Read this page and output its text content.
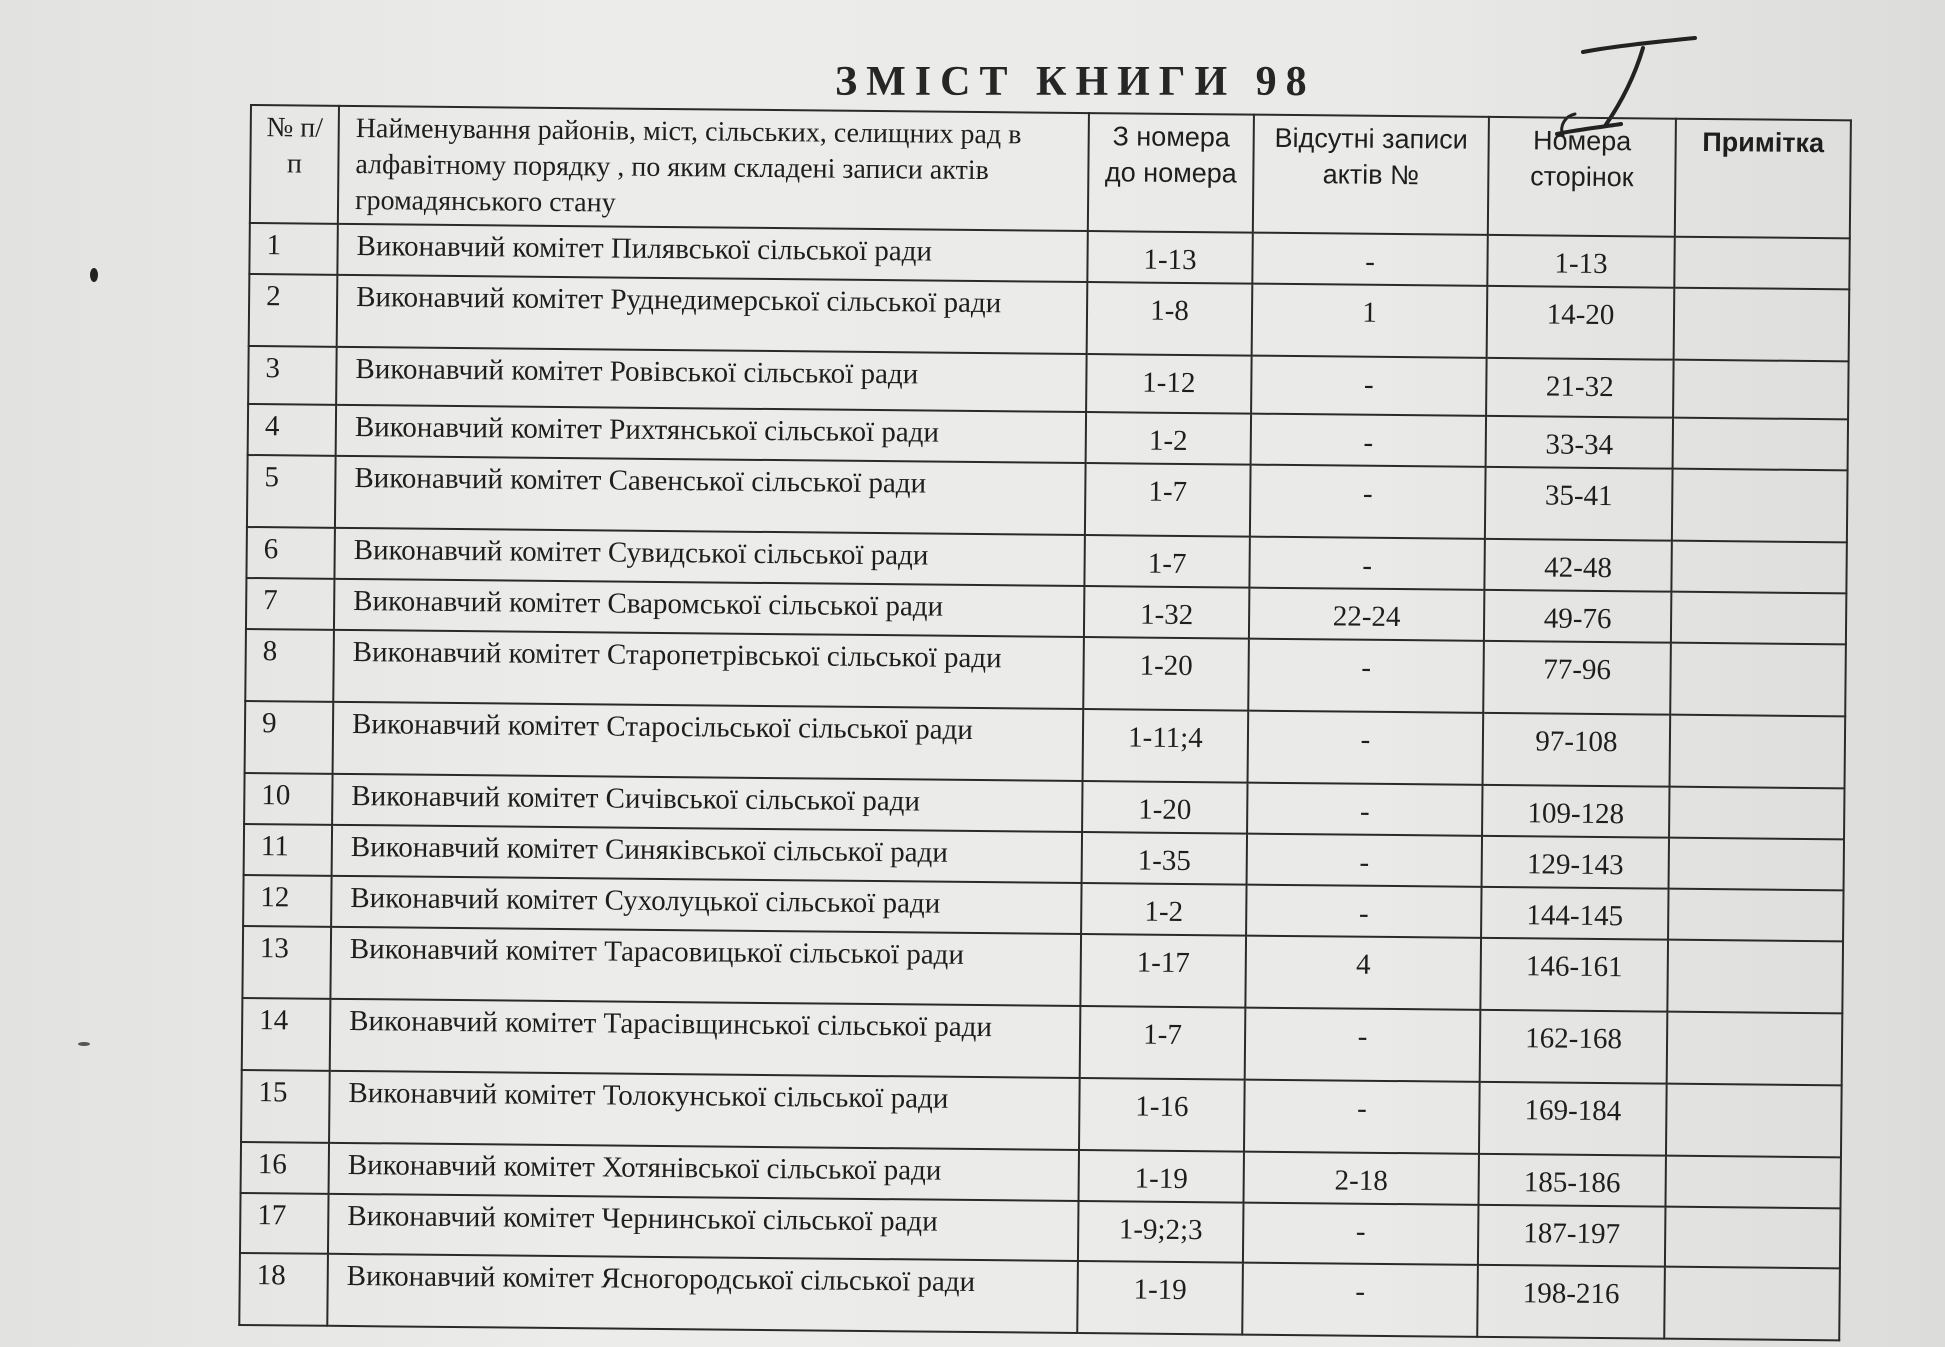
ЗМІСТ КНИГИ 98
№ п/п	Найменування районів, міст, сільських, селищних рад в алфавітному порядку , по яким складені записи актів громадянського стану	З номера до номера	Відсутні записи актів №	Номера сторінок	Примітка
1	Виконавчий комітет Пилявської сільської ради	1-13	-	1-13	
2	Виконавчий комітет Руднедимерської сільської ради	1-8	1	14-20	
3	Виконавчий комітет Ровівської сільської ради	1-12	-	21-32	
4	Виконавчий комітет Рихтянської сільської ради	1-2	-	33-34	
5	Виконавчий комітет Савенської сільської ради	1-7	-	35-41	
6	Виконавчий комітет Сувидської сільської ради	1-7	-	42-48	
7	Виконавчий комітет Сваромської сільської ради	1-32	22-24	49-76	
8	Виконавчий комітет Старопетрівської сільської ради	1-20	-	77-96	
9	Виконавчий комітет Старосільської сільської ради	1-11;4	-	97-108	
10	Виконавчий комітет Сичівської сільської ради	1-20	-	109-128	
11	Виконавчий комітет Синяківської сільської ради	1-35	-	129-143	
12	Виконавчий комітет Сухолуцької сільської ради	1-2	-	144-145	
13	Виконавчий комітет Тарасовицької сільської ради	1-17	4	146-161	
14	Виконавчий комітет Тарасівщинської сільської ради	1-7	-	162-168	
15	Виконавчий комітет Толокунської сільської ради	1-16	-	169-184	
16	Виконавчий комітет Хотянівської сільської ради	1-19	2-18	185-186	
17	Виконавчий комітет Чернинської сільської ради	1-9;2;3	-	187-197	
18	Виконавчий комітет Ясногородської сільської ради	1-19	-	198-216	
